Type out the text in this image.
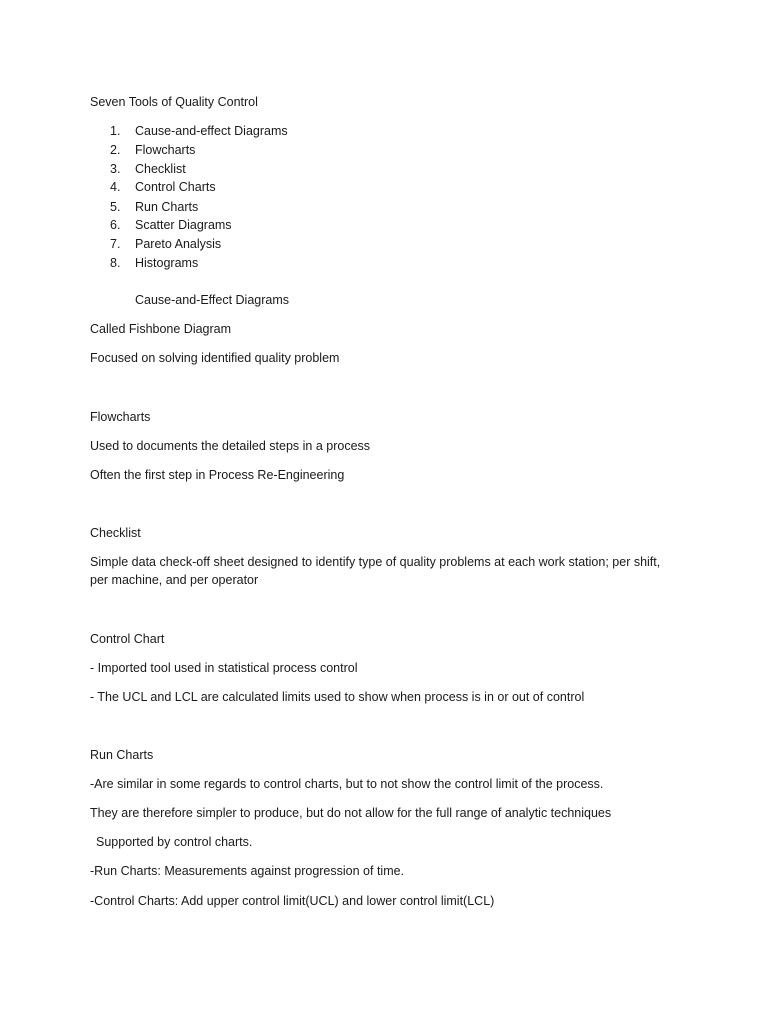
Seven Tools of Quality Control
1. Cause-and-effect Diagrams
2. Flowcharts
3. Checklist
4. Control Charts
5. Run Charts
6. Scatter Diagrams
7. Pareto Analysis
8. Histograms
Cause-and-Effect Diagrams
Called Fishbone Diagram
Focused on solving identified quality problem
Flowcharts
Used to documents the detailed steps in a process
Often the first step in Process Re-Engineering
Checklist
Simple data check-off sheet designed to identify type of quality problems at each work station; per shift, per machine, and per operator
Control Chart
- Imported tool used in statistical process control
- The UCL and LCL are calculated limits used to show when process is in or out of control
Run Charts
-Are similar in some regards to control charts, but to not show the control limit of the process.
They are therefore simpler to produce, but do not allow for the full range of analytic techniques
Supported by control charts.
-Run Charts: Measurements against progression of time.
-Control Charts: Add upper control limit(UCL) and lower control limit(LCL)
